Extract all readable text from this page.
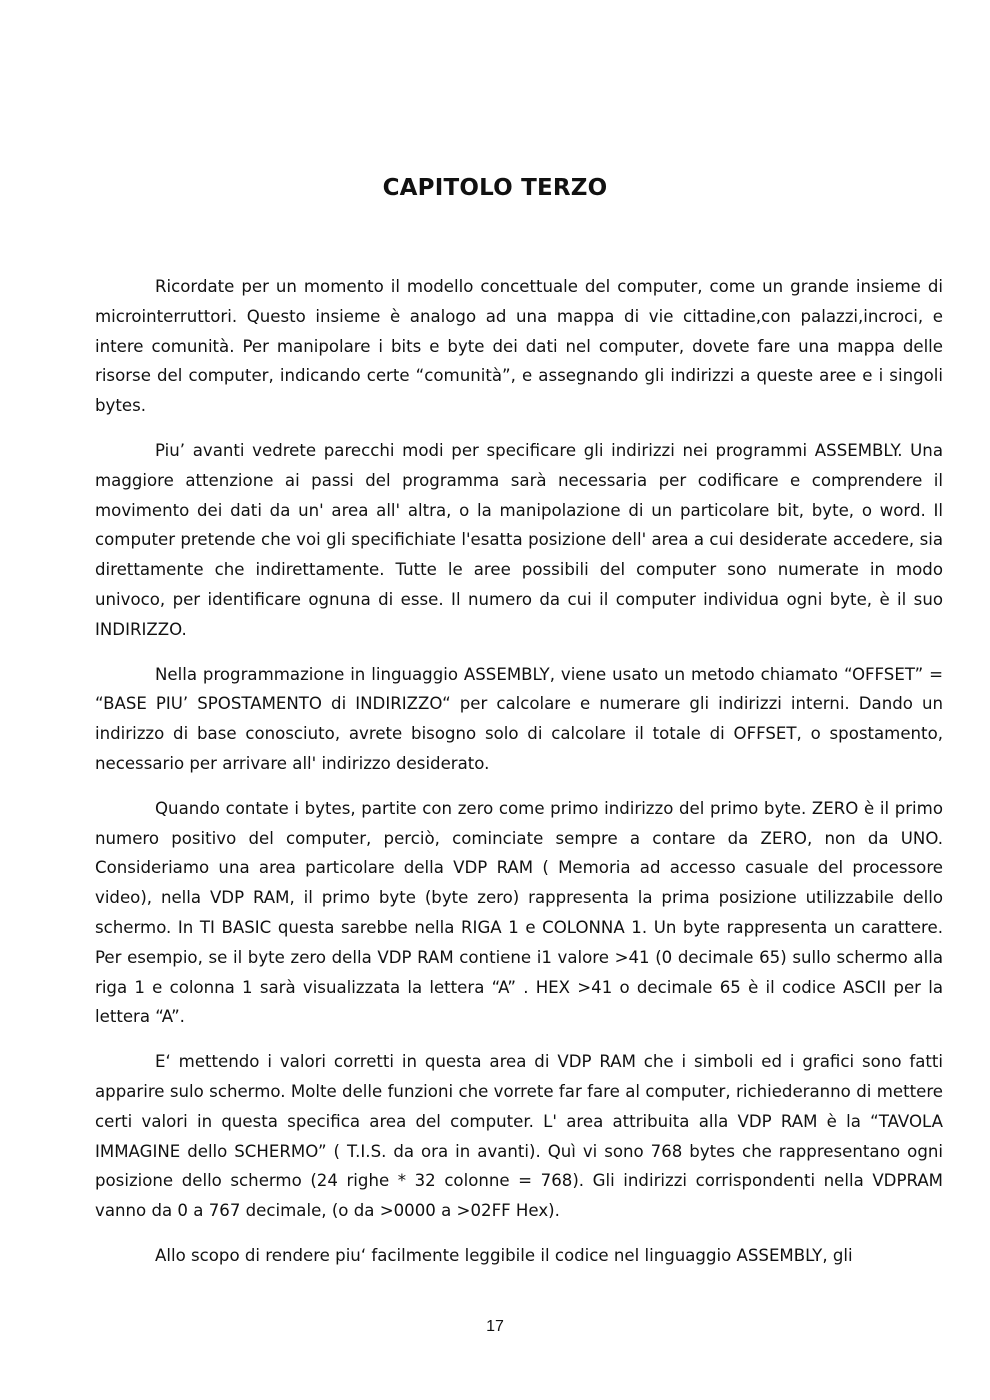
CAPITOLO TERZO

Ricordate per un momento il modello concettuale del computer, come un grande insieme di microinterruttori. Questo insieme è analogo ad una mappa di vie cittadine,con palazzi,incroci, e intere comunità. Per manipolare i bits e byte dei dati nel computer, dovete fare una mappa delle risorse del computer, indicando certe “comunità”, e assegnando gli indirizzi a queste aree e i singoli bytes.

Piu’ avanti vedrete parecchi modi per specificare gli indirizzi nei programmi ASSEMBLY. Una maggiore attenzione ai passi del programma sarà necessaria per codificare e comprendere il movimento dei dati da un' area all' altra, o la manipolazione di un particolare bit, byte, o word. Il computer pretende che voi gli specifichiate l'esatta posizione dell' area a cui desiderate accedere, sia direttamente che indirettamente. Tutte le aree possibili del computer sono numerate in modo univoco, per identificare ognuna di esse. Il numero da cui il computer individua ogni byte, è il suo INDIRIZZO.

Nella programmazione in linguaggio ASSEMBLY, viene usato un metodo chiamato “OFFSET” = “BASE PIU’ SPOSTAMENTO di INDIRIZZO“ per calcolare e numerare gli indirizzi interni. Dando un indirizzo di base conosciuto, avrete bisogno solo di calcolare il totale di OFFSET, o spostamento, necessario per arrivare all' indirizzo desiderato.

Quando contate i bytes, partite con zero come primo indirizzo del primo byte. ZERO è il primo numero positivo del computer, perciò, cominciate sempre a contare da ZERO, non da UNO. Consideriamo una area particolare della VDP RAM ( Memoria ad accesso casuale del processore video), nella VDP RAM, il primo byte (byte zero) rappresenta la prima posizione utilizzabile dello schermo. In TI BASIC questa sarebbe nella RIGA 1 e COLONNA 1. Un byte rappresenta un carattere. Per esempio, se il byte zero della VDP RAM contiene i1 valore >41 (0 decimale 65) sullo schermo alla riga 1 e colonna 1 sarà visualizzata la lettera “A” . HEX >41 o decimale 65 è il codice ASCII per la lettera “A”.

E‘ mettendo i valori corretti in questa area di VDP RAM che i simboli ed i grafici sono fatti apparire sulo schermo. Molte delle funzioni che vorrete far fare al computer, richiederanno di mettere certi valori in questa specifica area del computer. L' area attribuita alla VDP RAM è la “TAVOLA IMMAGINE dello SCHERMO” ( T.I.S. da ora in avanti). Quì vi sono 768 bytes che rappresentano ogni posizione dello schermo (24 righe * 32 colonne = 768). Gli indirizzi corrispondenti nella VDPRAM vanno da 0 a 767 decimale, (o da >0000 a >02FF Hex).

Allo scopo di rendere piu‘ facilmente leggibile il codice nel linguaggio ASSEMBLY, gli

17
